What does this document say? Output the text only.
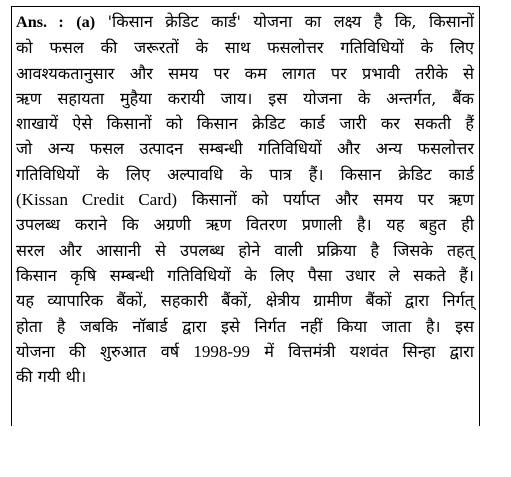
Ans. : (a) 'किसान क्रेडिट कार्ड' योजना का लक्ष्य है कि, किसानों
को फसल की जरूरतों के साथ फसलोत्तर गतिविधियों के लिए
आवश्यकतानुसार और समय पर कम लागत पर प्रभावी तरीके से
ऋण सहायता मुहैया करायी जाय। इस योजना के अन्तर्गत, बैंक
शाखायें ऐसे किसानों को किसान क्रेडिट कार्ड जारी कर सकती हैं
जो अन्य फसल उत्पादन सम्बन्धी गतिविधियों और अन्य फसलोत्तर
गतिविधियों के लिए अल्पावधि के पात्र हैं। किसान क्रेडिट कार्ड
(Kissan Credit Card) किसानों को पर्याप्त और समय पर ऋण
उपलब्ध कराने कि अग्रणी ऋण वितरण प्रणाली है। यह बहुत ही
सरल और आसानी से उपलब्ध होने वाली प्रक्रिया है जिसके तहत्
किसान कृषि सम्बन्धी गतिविधियों के लिए पैसा उधार ले सकते हैं।
यह व्यापारिक बैंकों, सहकारी बैंकों, क्षेत्रीय ग्रामीण बैंकों द्वारा निर्गत्
होता है जबकि नॉबार्ड द्वारा इसे निर्गत नहीं किया जाता है। इस
योजना की शुरुआत वर्ष 1998-99 में वित्तमंत्री यशवंत सिन्हा द्वारा
की गयी थी।
